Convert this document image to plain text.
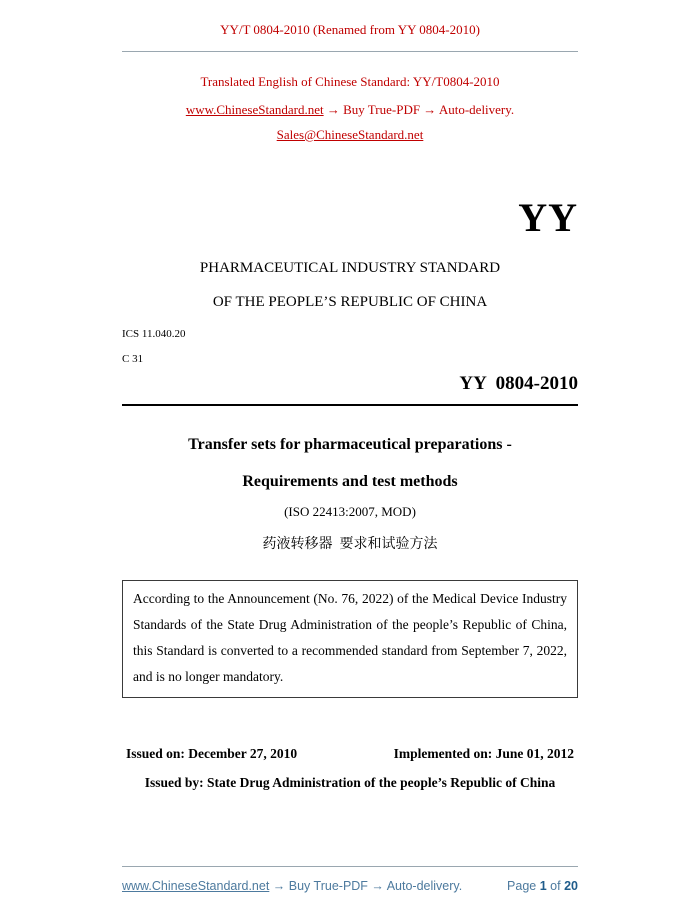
YY/T 0804-2010 (Renamed from YY 0804-2010)
Translated English of Chinese Standard: YY/T0804-2010
www.ChineseStandard.net → Buy True-PDF → Auto-delivery.
Sales@ChineseStandard.net
YY
PHARMACEUTICAL INDUSTRY STANDARD
OF THE PEOPLE’S REPUBLIC OF CHINA
ICS 11.040.20
C 31
YY  0804-2010
Transfer sets for pharmaceutical preparations -
Requirements and test methods
(ISO 22413:2007, MOD)
药液转移器  要求和试验方法
According to the Announcement (No. 76, 2022) of the Medical Device Industry Standards of the State Drug Administration of the people’s Republic of China, this Standard is converted to a recommended standard from September 7, 2022, and is no longer mandatory.
Issued on: December 27, 2010	Implemented on: June 01, 2012
Issued by: State Drug Administration of the people’s Republic of China
www.ChineseStandard.net → Buy True-PDF → Auto-delivery.	Page 1 of 20
